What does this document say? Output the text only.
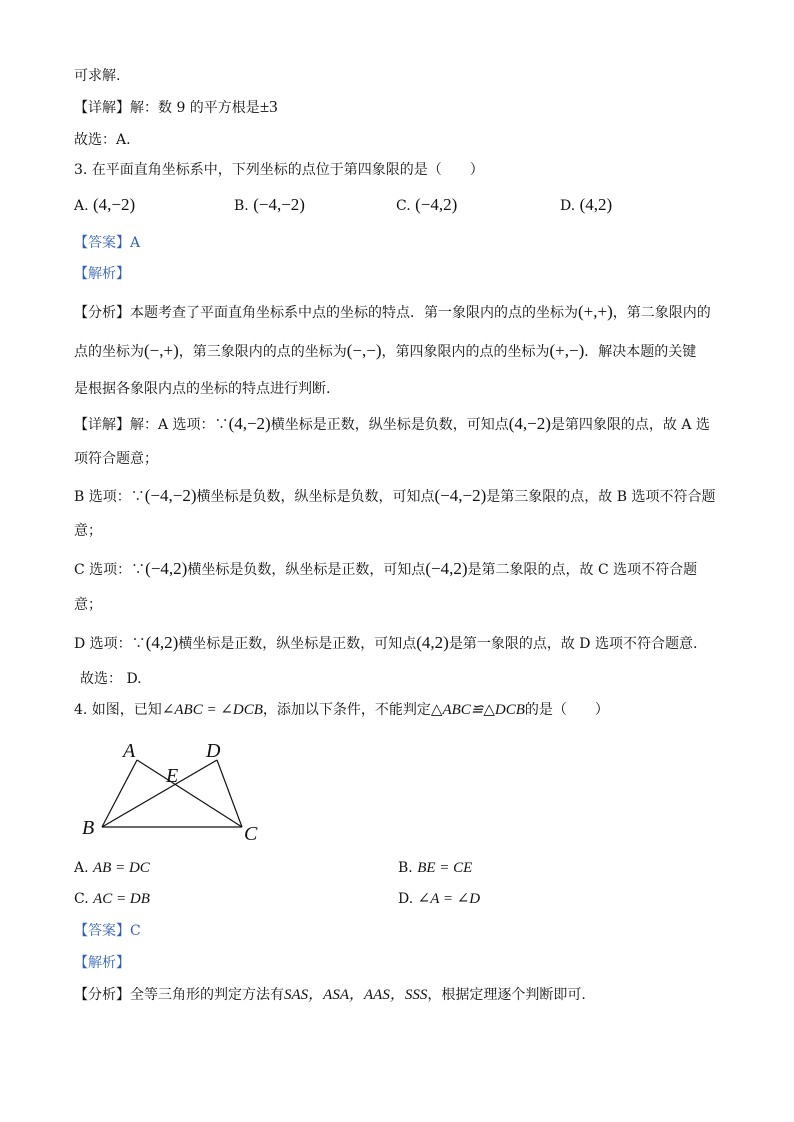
可求解.
【详解】解：数 9 的平方根是±3
故选：A.
3. 在平面直角坐标系中，下列坐标的点位于第四象限的是（　　）
A. (4,−2)	B. (−4,−2)	C. (−4,2)	D. (4,2)
【答案】A
【解析】
【分析】本题考查了平面直角坐标系中点的坐标的特点．第一象限内的点的坐标为(+,+)，第二象限内的
点的坐标为(−,+)，第三象限内的点的坐标为(−,−)，第四象限内的点的坐标为(+,−)．解决本题的关键
是根据各象限内点的坐标的特点进行判断.
【详解】解：A 选项：∵(4,−2)横坐标是正数，纵坐标是负数，可知点(4,−2)是第四象限的点，故 A 选
项符合题意；
B 选项：∵(−4,−2)横坐标是负数，纵坐标是负数，可知点(−4,−2)是第三象限的点，故 B 选项不符合题
意；
C 选项：∵(−4,2)横坐标是负数，纵坐标是正数，可知点(−4,2)是第二象限的点，故 C 选项不符合题
意；
D 选项：∵(4,2)横坐标是正数，纵坐标是正数，可知点(4,2)是第一象限的点，故 D 选项不符合题意.
故选： D.
4. 如图，已知∠ABC = ∠DCB，添加以下条件，不能判定△ABC≌△DCB的是（　　）
A	D
E
B	C
A. AB = DC	B. BE = CE
C. AC = DB	D. ∠A = ∠D
【答案】C
【解析】
【分析】全等三角形的判定方法有SAS，ASA，AAS，SSS，根据定理逐个判断即可.
